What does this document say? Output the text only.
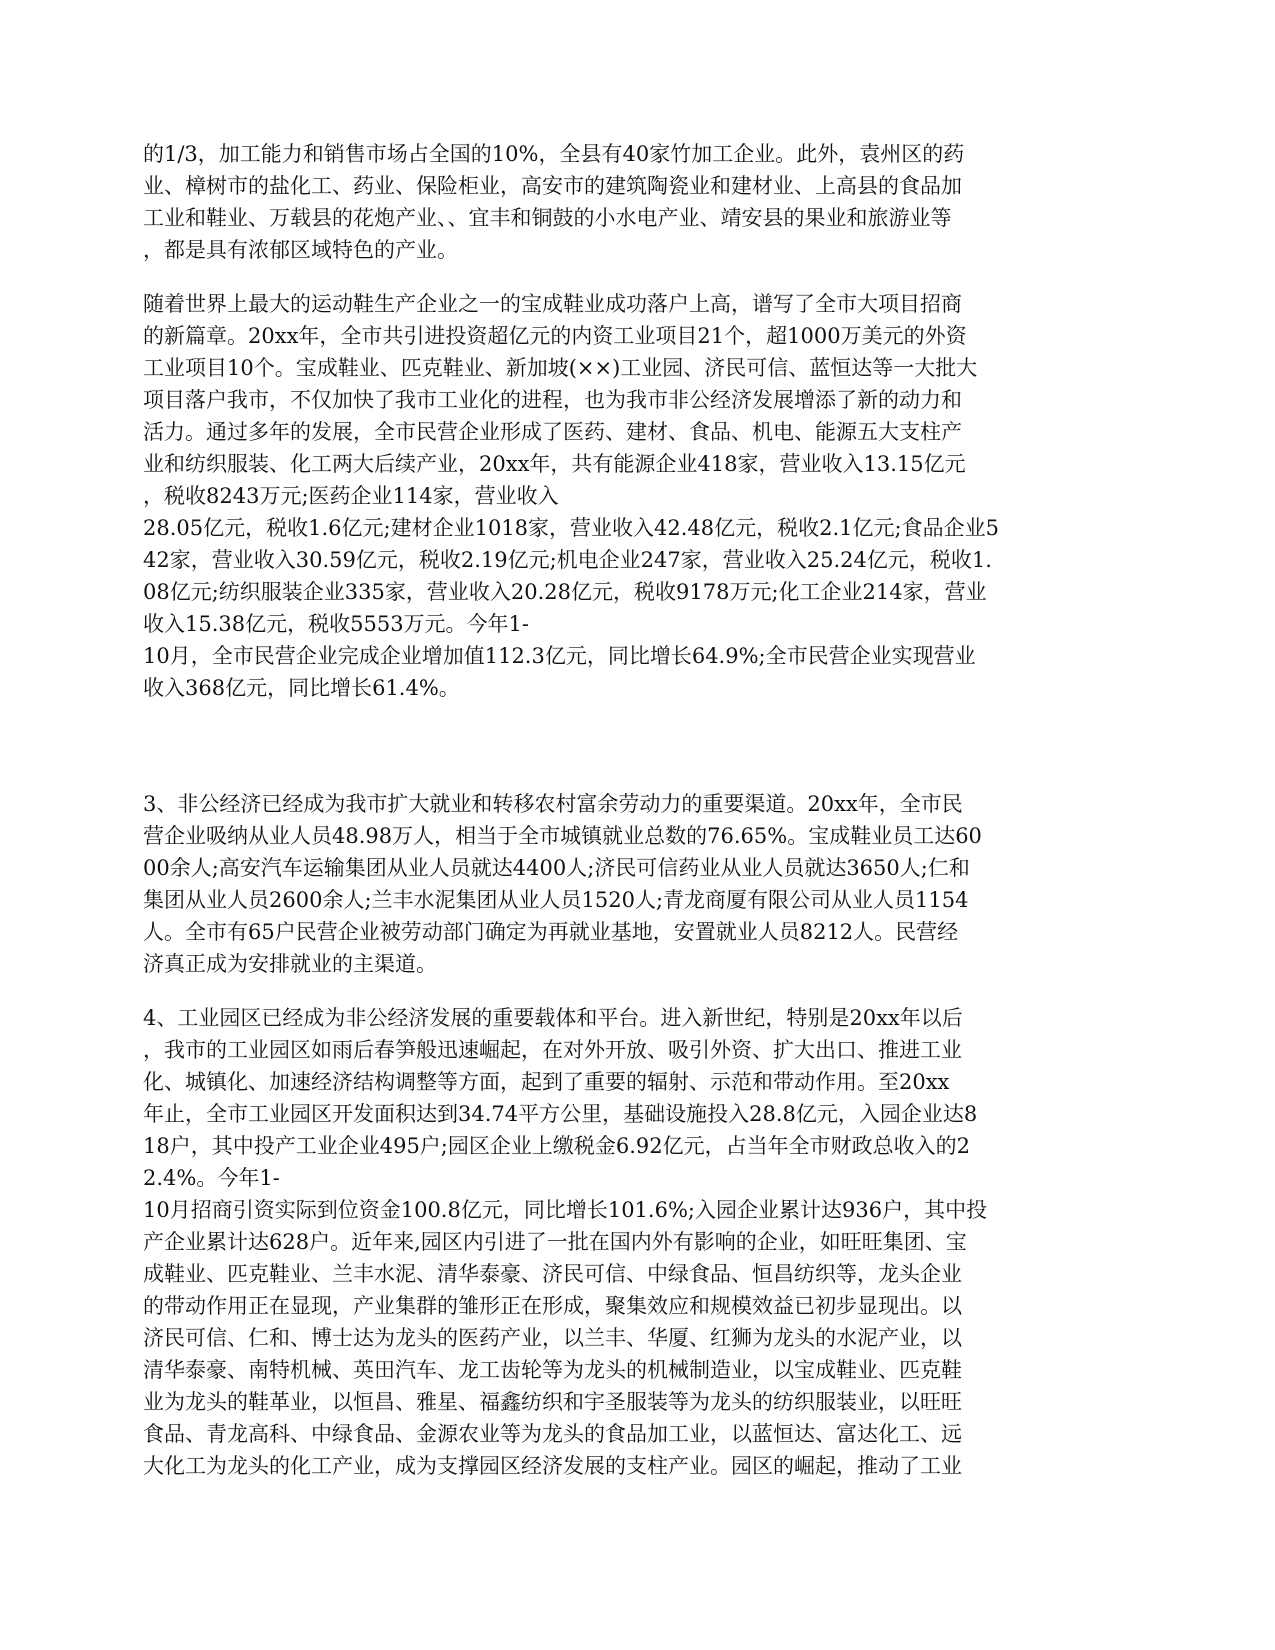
的1/3，加工能力和销售市场占全国的10%，全县有40家竹加工企业。此外，袁州区的药
业、樟树市的盐化工、药业、保险柜业，高安市的建筑陶瓷业和建材业、上高县的食品加
工业和鞋业、万载县的花炮产业、、宜丰和铜鼓的小水电产业、靖安县的果业和旅游业等
，都是具有浓郁区域特色的产业。
随着世界上最大的运动鞋生产企业之一的宝成鞋业成功落户上高，谱写了全市大项目招商
的新篇章。20xx年，全市共引进投资超亿元的内资工业项目21个，超1000万美元的外资
工业项目10个。宝成鞋业、匹克鞋业、新加坡(××)工业园、济民可信、蓝恒达等一大批大
项目落户我市，不仅加快了我市工业化的进程，也为我市非公经济发展增添了新的动力和
活力。通过多年的发展，全市民营企业形成了医药、建材、食品、机电、能源五大支柱产
业和纺织服装、化工两大后续产业，20xx年，共有能源企业418家，营业收入13.15亿元
，税收8243万元;医药企业114家，营业收入
28.05亿元，税收1.6亿元;建材企业1018家，营业收入42.48亿元，税收2.1亿元;食品企业5
42家，营业收入30.59亿元，税收2.19亿元;机电企业247家，营业收入25.24亿元，税收1.
08亿元;纺织服装企业335家，营业收入20.28亿元，税收9178万元;化工企业214家，营业
收入15.38亿元，税收5553万元。今年1-
10月，全市民营企业完成企业增加值112.3亿元，同比增长64.9%;全市民营企业实现营业
收入368亿元，同比增长61.4%。
3、非公经济已经成为我市扩大就业和转移农村富余劳动力的重要渠道。20xx年，全市民
营企业吸纳从业人员48.98万人，相当于全市城镇就业总数的76.65%。宝成鞋业员工达60
00余人;高安汽车运输集团从业人员就达4400人;济民可信药业从业人员就达3650人;仁和
集团从业人员2600余人;兰丰水泥集团从业人员1520人;青龙商厦有限公司从业人员1154
人。全市有65户民营企业被劳动部门确定为再就业基地，安置就业人员8212人。民营经
济真正成为安排就业的主渠道。
4、工业园区已经成为非公经济发展的重要载体和平台。进入新世纪，特别是20xx年以后
，我市的工业园区如雨后春笋般迅速崛起，在对外开放、吸引外资、扩大出口、推进工业
化、城镇化、加速经济结构调整等方面，起到了重要的辐射、示范和带动作用。至20xx
年止，全市工业园区开发面积达到34.74平方公里，基础设施投入28.8亿元，入园企业达8
18户，其中投产工业企业495户;园区企业上缴税金6.92亿元，占当年全市财政总收入的2
2.4%。今年1-
10月招商引资实际到位资金100.8亿元，同比增长101.6%;入园企业累计达936户，其中投
产企业累计达628户。近年来,园区内引进了一批在国内外有影响的企业，如旺旺集团、宝
成鞋业、匹克鞋业、兰丰水泥、清华泰豪、济民可信、中绿食品、恒昌纺织等，龙头企业
的带动作用正在显现，产业集群的雏形正在形成，聚集效应和规模效益已初步显现出。以
济民可信、仁和、博士达为龙头的医药产业，以兰丰、华厦、红狮为龙头的水泥产业，以
清华泰豪、南特机械、英田汽车、龙工齿轮等为龙头的机械制造业，以宝成鞋业、匹克鞋
业为龙头的鞋革业，以恒昌、雅星、福鑫纺织和宇圣服装等为龙头的纺织服装业，以旺旺
食品、青龙高科、中绿食品、金源农业等为龙头的食品加工业，以蓝恒达、富达化工、远
大化工为龙头的化工产业，成为支撑园区经济发展的支柱产业。园区的崛起，推动了工业
